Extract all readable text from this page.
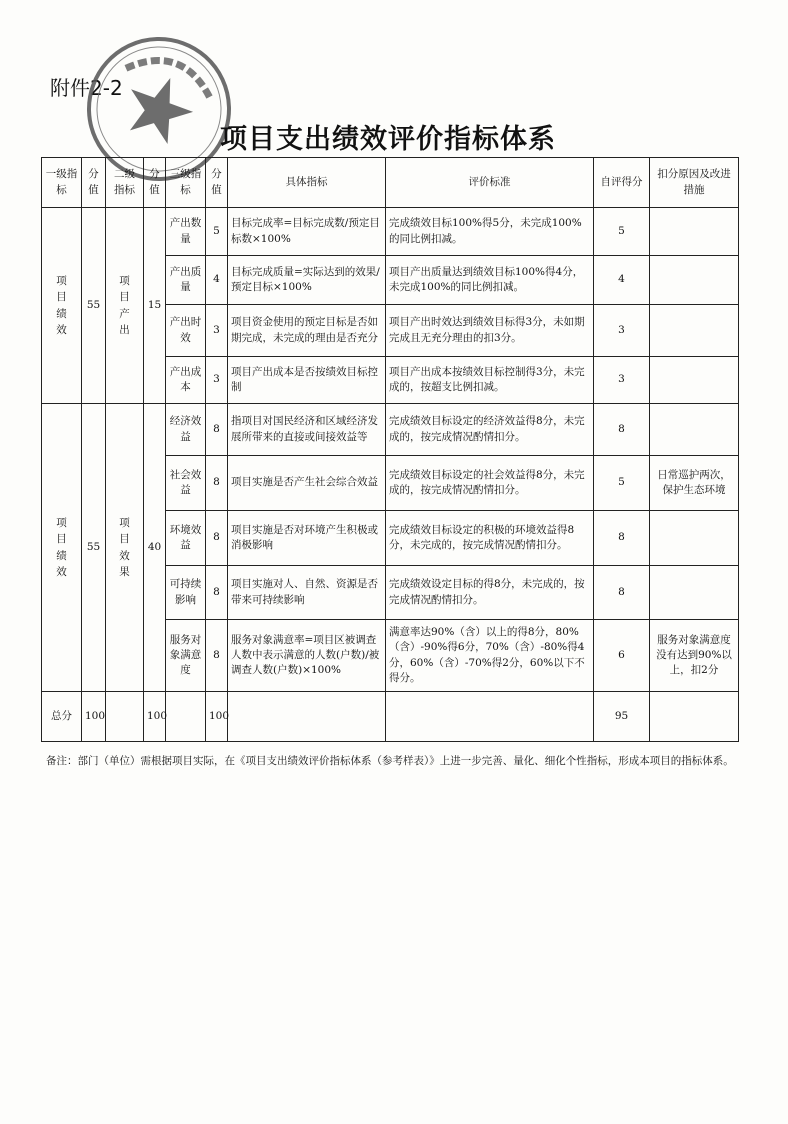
附件2-2
项目支出绩效评价指标体系
一级指标	分值	二级指标	分值	三级指标	分值	具体指标	评价标准	自评得分	扣分原因及改进措施
项目绩效	55	项目产出	15	产出数量	5	目标完成率=目标完成数/预定目标数×100%	完成绩效目标100%得5分，未完成100%的同比例扣减。	5	
				产出质量	4	目标完成质量=实际达到的效果/预定目标×100%	项目产出质量达到绩效目标100%得4分，未完成100%的同比例扣减。	4	
				产出时效	3	项目资金使用的预定目标是否如期完成，未完成的理由是否充分	项目产出时效达到绩效目标得3分，未如期完成且无充分理由的扣3分。	3	
				产出成本	3	项目产出成本是否按绩效目标控制	项目产出成本按绩效目标控制得3分，未完成的，按超支比例扣减。	3	
项目绩效	55	项目效果	40	经济效益	8	指项目对国民经济和区域经济发展所带来的直接或间接效益等	完成绩效目标设定的经济效益得8分，未完成的，按完成情况酌情扣分。	8	
				社会效益	8	项目实施是否产生社会综合效益	完成绩效目标设定的社会效益得8分，未完成的，按完成情况酌情扣分。	5	日常巡护两次，保护生态环境
				环境效益	8	项目实施是否对环境产生积极或消极影响	完成绩效目标设定的积极的环境效益得8分，未完成的，按完成情况酌情扣分。	8	
				可持续影响	8	项目实施对人、自然、资源是否带来可持续影响	完成绩效设定目标的得8分，未完成的，按完成情况酌情扣分。	8	
				服务对象满意度	8	服务对象满意率=项目区被调查人数中表示满意的人数(户数)/被调查人数(户数)×100%	满意率达90%（含）以上的得8分，80%（含）-90%得6分，70%（含）-80%得4分，60%（含）-70%得2分，60%以下不得分。	6	服务对象满意度没有达到90%以上，扣2分
总分	100		100		100			95	
备注：部门（单位）需根据项目实际，在《项目支出绩效评价指标体系（参考样表）》上进一步完善、量化、细化个性指标，形成本项目的指标体系。
